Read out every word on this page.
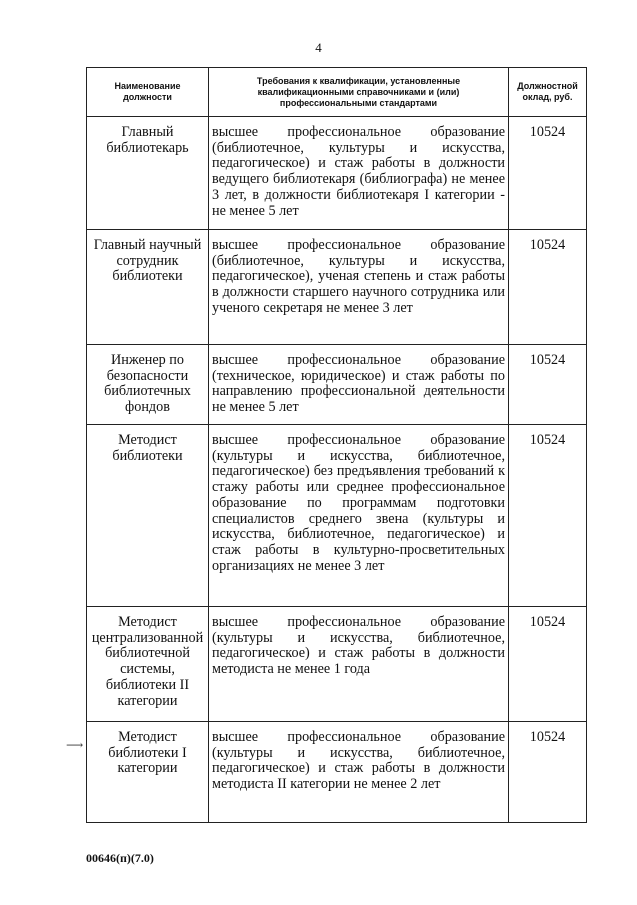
4
Наименование должности	Требования к квалификации, установленные квалификационными справочниками и (или) профессиональными стандартами	Должностной оклад, руб.
Главный библиотекарь	высшее профессиональное образование (библиотечное, культуры и искусства, педагогическое) и стаж работы в должности ведущего библиотекаря (библиографа) не менее 3 лет, в должности библиотекаря I категории - не менее 5 лет	10524
Главный научный сотрудник библиотеки	высшее профессиональное образование (библиотечное, культуры и искусства, педагогическое), ученая степень и стаж работы в должности старшего научного сотрудника или ученого секретаря не менее 3 лет	10524
Инженер по безопасности библиотечных фондов	высшее профессиональное образование (техническое, юридическое) и стаж работы по направлению профессиональной деятельности не менее 5 лет	10524
Методист библиотеки	высшее профессиональное образование (культуры и искусства, библиотечное, педагогическое) без предъявления требований к стажу работы или среднее профессиональное образование по программам подготовки специалистов среднего звена (культуры и искусства, библиотечное, педагогическое) и стаж работы в культурно-просветительных организациях не менее 3 лет	10524
Методист централизованной библиотечной системы, библиотеки II категории	высшее профессиональное образование (культуры и искусства, библиотечное, педагогическое) и стаж работы в должности методиста не менее 1 года	10524
Методист библиотеки I категории	высшее профессиональное образование (культуры и искусства, библиотечное, педагогическое) и стаж работы в должности методиста II категории не менее 2 лет	10524
⟶
00646(п)(7.0)
